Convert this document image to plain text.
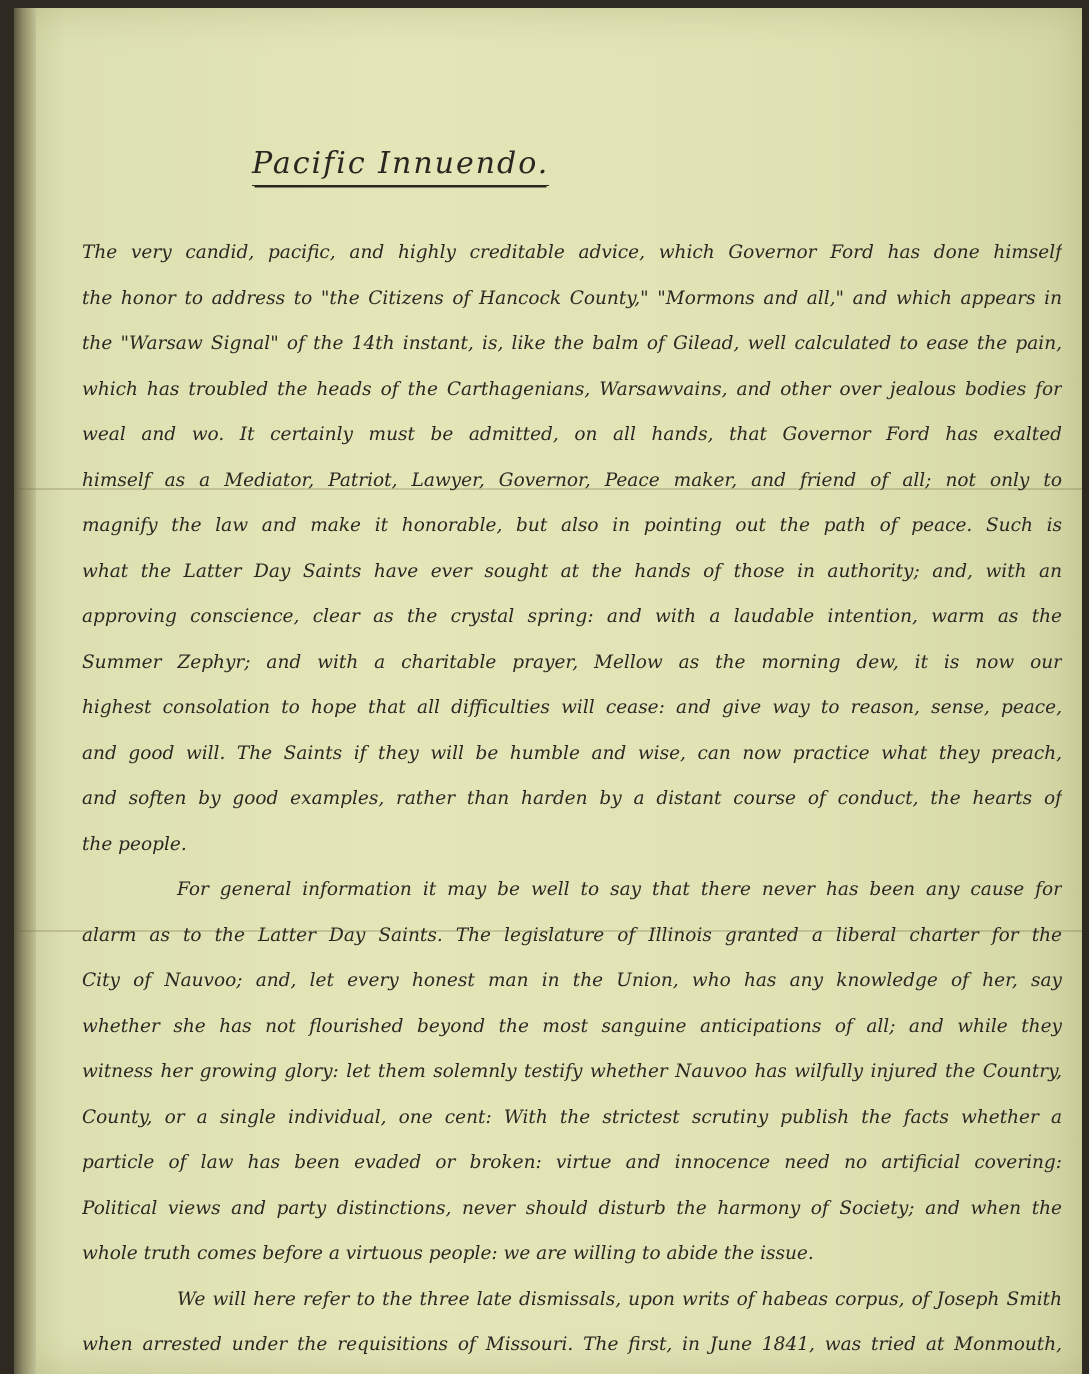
Pacific Innuendo.
The very candid, pacific, and highly creditable advice, which Governor Ford has done himself
the honor to address to "the Citizens of Hancock County," "Mormons and all," and which appears in
the "Warsaw Signal" of the 14th instant, is, like the balm of Gilead, well calculated to ease the pain,
which has troubled the heads of the Carthagenians, Warsawvains, and other over jealous bodies for
weal and wo. It certainly must be admitted, on all hands, that Governor Ford has exalted
himself as a Mediator, Patriot, Lawyer, Governor, Peace maker, and friend of all; not only to
magnify the law and make it honorable, but also in pointing out the path of peace. Such is
what the Latter Day Saints have ever sought at the hands of those in authority; and, with an
approving conscience, clear as the crystal spring: and with a laudable intention, warm as the
Summer Zephyr; and with a charitable prayer, Mellow as the morning dew, it is now our
highest consolation to hope that all difficulties will cease: and give way to reason, sense, peace,
and good will. The Saints if they will be humble and wise, can now practice what they preach,
and soften by good examples, rather than harden by a distant course of conduct, the hearts of
the people.
For general information it may be well to say that there never has been any cause for
alarm as to the Latter Day Saints. The legislature of Illinois granted a liberal charter for the
City of Nauvoo; and, let every honest man in the Union, who has any knowledge of her, say
whether she has not flourished beyond the most sanguine anticipations of all; and while they
witness her growing glory: let them solemnly testify whether Nauvoo has wilfully injured the Country,
County, or a single individual, one cent: With the strictest scrutiny publish the facts whether a
particle of law has been evaded or broken: virtue and innocence need no artificial covering:
Political views and party distinctions, never should disturb the harmony of Society; and when the
whole truth comes before a virtuous people: we are willing to abide the issue.
We will here refer to the three late dismissals, upon writs of habeas corpus, of Joseph Smith
when arrested under the requisitions of Missouri. The first, in June 1841, was tried at Monmouth,
